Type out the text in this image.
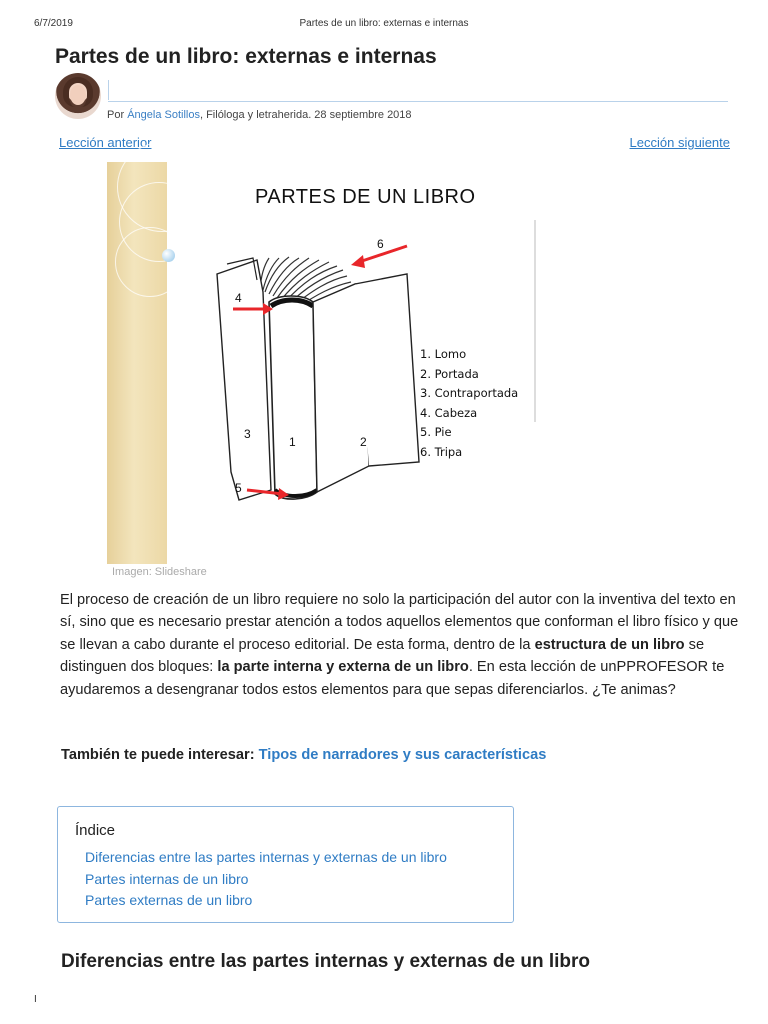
6/7/2019	Partes de un libro: externas e internas
Partes de un libro: externas e internas
Por Ángela Sotillos, Filóloga y letraherida. 28 septiembre 2018
Lección anterior	Lección siguiente
PARTES DE UN LIBRO
1	2
3
4
5
6
1. Lomo
2. Portada
3. Contraportada
4. Cabeza
5. Pie
6. Tripa
Imagen: Slideshare

El proceso de creación de un libro requiere no solo la participación del autor con la inventiva del texto en sí, sino que es necesario prestar atención a todos aquellos elementos que conforman el libro físico y que se llevan a cabo durante el proceso editorial. De esta forma, dentro de la estructura de un libro se distinguen dos bloques: la parte interna y externa de un libro. En esta lección de unPPROFESOR te ayudaremos a desengranar todos estos elementos para que sepas diferenciarlos. ¿Te animas?

También te puede interesar: Tipos de narradores y sus características
Índice
Diferencias entre las partes internas y externas de un libro
Partes internas de un libro
Partes externas de un libro
Diferencias entre las partes internas y externas de un libro
I
